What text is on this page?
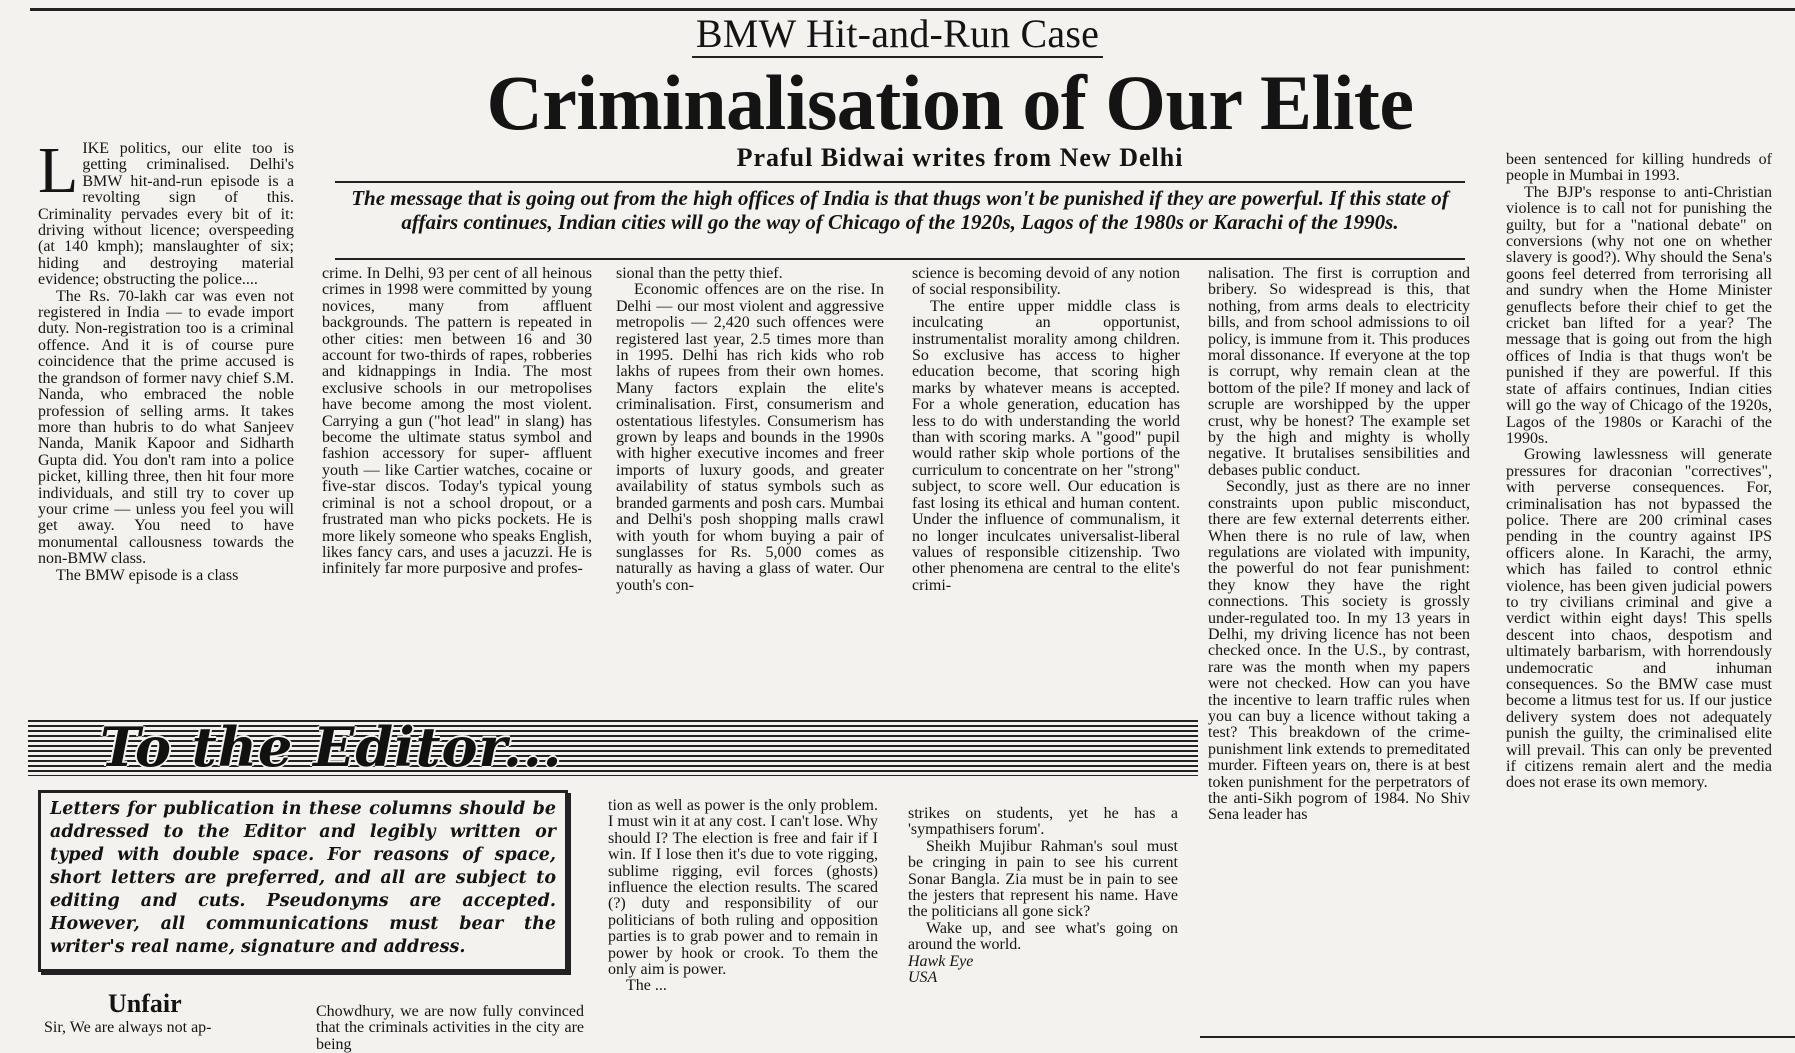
BMW Hit-and-Run Case
Criminalisation of Our Elite
Praful Bidwai writes from New Delhi
The message that is going out from the high offices of India is that thugs won't be punished if they are powerful. If this state of affairs continues, Indian cities will go the way of Chicago of the 1920s, Lagos of the 1980s or Karachi of the 1990s.

LIKE politics, our elite too is getting criminalised. Delhi's BMW hit-and-run episode is a revolting sign of this. Criminality pervades every bit of it: driving without licence; overspeeding (at 140 kmph); manslaughter of six; hiding and destroying material evidence; obstructing the police....

The Rs. 70-lakh car was even not registered in India — to evade import duty. Non-registration too is a criminal offence. And it is of course pure coincidence that the prime accused is the grandson of former navy chief S.M. Nanda, who embraced the noble profession of selling arms. It takes more than hubris to do what Sanjeev Nanda, Manik Kapoor and Sidharth Gupta did. You don't ram into a police picket, killing three, then hit four more individuals, and still try to cover up your crime — unless you feel you will get away. You need to have monumental callousness towards the non-BMW class.

The BMW episode is a class

crime. In Delhi, 93 per cent of all heinous crimes in 1998 were committed by young novices, many from affluent backgrounds. The pattern is repeated in other cities: men between 16 and 30 account for two-thirds of rapes, robberies and kidnappings in India. The most exclusive schools in our metropolises have become among the most violent. Carrying a gun ("hot lead" in slang) has become the ultimate status symbol and fashion accessory for super- affluent youth — like Cartier watches, cocaine or five-star discos. Today's typical young criminal is not a school dropout, or a frustrated man who picks pockets. He is more likely someone who speaks English, likes fancy cars, and uses a jacuzzi. He is infinitely far more purposive and profes-

sional than the petty thief.

Economic offences are on the rise. In Delhi — our most violent and aggressive metropolis — 2,420 such offences were registered last year, 2.5 times more than in 1995. Delhi has rich kids who rob lakhs of rupees from their own homes. Many factors explain the elite's criminalisation. First, consumerism and ostentatious lifestyles. Consumerism has grown by leaps and bounds in the 1990s with higher executive incomes and freer imports of luxury goods, and greater availability of status symbols such as branded garments and posh cars. Mumbai and Delhi's posh shopping malls crawl with youth for whom buying a pair of sunglasses for Rs. 5,000 comes as naturally as having a glass of water. Our youth's con-

science is becoming devoid of any notion of social responsibility.

The entire upper middle class is inculcating an opportunist, instrumentalist morality among children. So exclusive has access to higher education become, that scoring high marks by whatever means is accepted. For a whole generation, education has less to do with understanding the world than with scoring marks. A "good" pupil would rather skip whole portions of the curriculum to concentrate on her "strong" subject, to score well. Our education is fast losing its ethical and human content. Under the influence of communalism, it no longer inculcates universalist-liberal values of responsible citizenship. Two other phenomena are central to the elite's crimi-

nalisation. The first is corruption and bribery. So widespread is this, that nothing, from arms deals to electricity bills, and from school admissions to oil policy, is immune from it. This produces moral dissonance. If everyone at the top is corrupt, why remain clean at the bottom of the pile? If money and lack of scruple are worshipped by the upper crust, why be honest? The example set by the high and mighty is wholly negative. It brutalises sensibilities and debases public conduct.

Secondly, just as there are no inner constraints upon public misconduct, there are few external deterrents either. When there is no rule of law, when regulations are violated with impunity, the powerful do not fear punishment: they know they have the right connections. This society is grossly under-regulated too. In my 13 years in Delhi, my driving licence has not been checked once. In the U.S., by contrast, rare was the month when my papers were not checked. How can you have the incentive to learn traffic rules when you can buy a licence without taking a test? This breakdown of the crime-punishment link extends to premeditated murder. Fifteen years on, there is at best token punishment for the perpetrators of the anti-Sikh pogrom of 1984. No Shiv Sena leader has

been sentenced for killing hundreds of people in Mumbai in 1993.

The BJP's response to anti-Christian violence is to call not for punishing the guilty, but for a "national debate" on conversions (why not one on whether slavery is good?). Why should the Sena's goons feel deterred from terrorising all and sundry when the Home Minister genuflects before their chief to get the cricket ban lifted for a year? The message that is going out from the high offices of India is that thugs won't be punished if they are powerful. If this state of affairs continues, Indian cities will go the way of Chicago of the 1920s, Lagos of the 1980s or Karachi of the 1990s.

Growing lawlessness will generate pressures for draconian "correctives", with perverse consequences. For, criminalisation has not bypassed the police. There are 200 criminal cases pending in the country against IPS officers alone. In Karachi, the army, which has failed to control ethnic violence, has been given judicial powers to try civilians criminal and give a verdict within eight days! This spells descent into chaos, despotism and ultimately barbarism, with horrendously undemocratic and inhuman consequences. So the BMW case must become a litmus test for us. If our justice delivery system does not adequately punish the guilty, the criminalised elite will prevail. This can only be prevented if citizens remain alert and the media does not erase its own memory.

To the Editor...
Letters for publication in these columns should be addressed to the Editor and legibly written or typed with double space. For reasons of space, short letters are preferred, and all are subject to editing and cuts. Pseudonyms are accepted. However, all communications must bear the writer's real name, signature and address.
Unfair

Sir, We are always not ap-

Chowdhury, we are now fully convinced that the criminals activities in the city are being

tion as well as power is the only problem. I must win it at any cost. I can't lose. Why should I? The election is free and fair if I win. If I lose then it's due to vote rigging, sublime rigging, evil forces (ghosts) influence the election results. The scared (?) duty and responsibility of our politicians of both ruling and opposition parties is to grab power and to remain in power by hook or crook. To them the only aim is power.

The ...

strikes on students, yet he has a 'sympathisers forum'.

Sheikh Mujibur Rahman's soul must be cringing in pain to see his current Sonar Bangla. Zia must be in pain to see the jesters that represent his name. Have the politicians all gone sick?

Wake up, and see what's going on around the world.

Hawk Eye

USA
